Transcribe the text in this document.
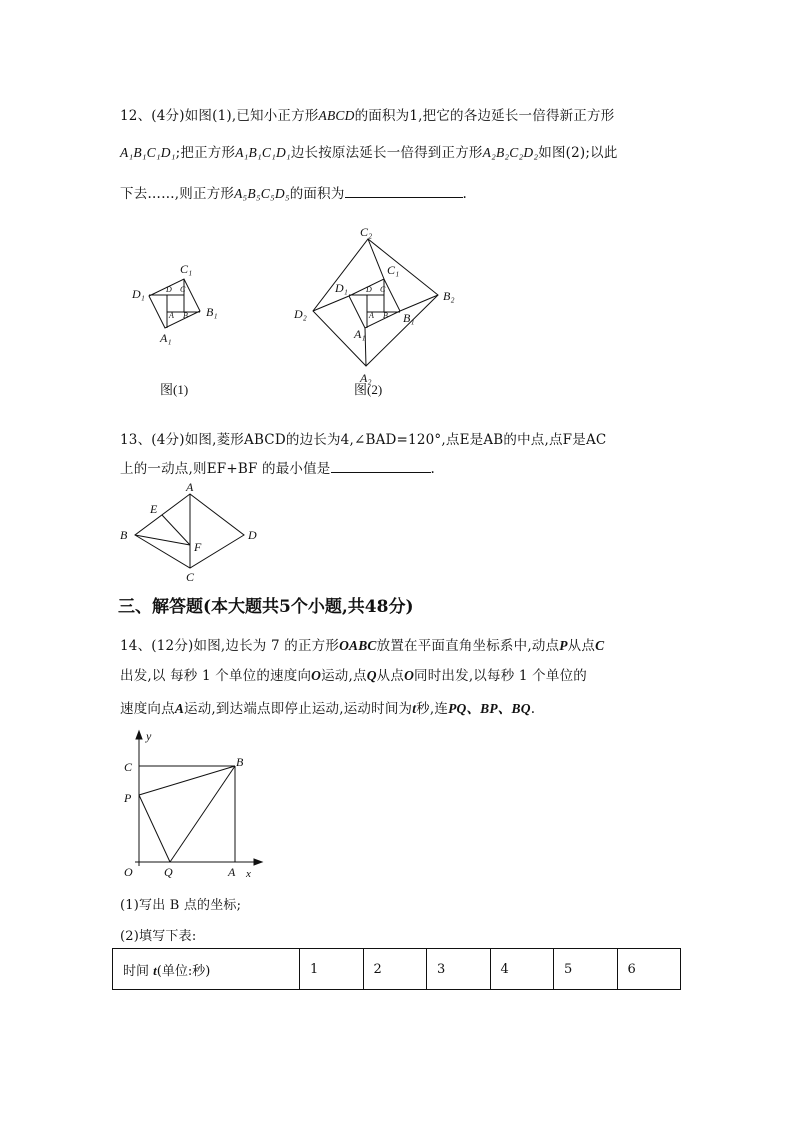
12、(4分)如图(1),已知小正方形ABCD的面积为1,把它的各边延长一倍得新正方形
A₁B₁C₁D₁;把正方形A₁B₁C₁D₁边长按原法延长一倍得到正方形A₂B₂C₂D₂如图(2);以此
下去……,则正方形A₅B₅C₅D₅的面积为	.
C₁
D₁
B₁
A₁
D C
A B
图(1)
C₂
C₁
D₁
B₂
D₂	B₁
A₁
A₂
D C
A B
图(2)
A
E
B	D
F
C
y
C	B
P
O	Q	A x
13、(4分)如图,菱形ABCD的边长为4,∠BAD=120°,点E是AB的中点,点F是AC
上的一动点,则EF+BF 的最小值是	.
三、解答题(本大题共5个小题,共48分)
14、(12分)如图,边长为 7 的正方形OABC放置在平面直角坐标系中,动点P从点C
出发,以 每秒 1 个单位的速度向O运动,点Q从点O同时出发,以每秒 1 个单位的
速度向点A运动,到达端点即停止运动,运动时间为t秒,连PQ、BP、BQ.
(1)写出 B 点的坐标;
(2)填写下表:
时间 t(单位:秒)	1	2	3	4	5	6
